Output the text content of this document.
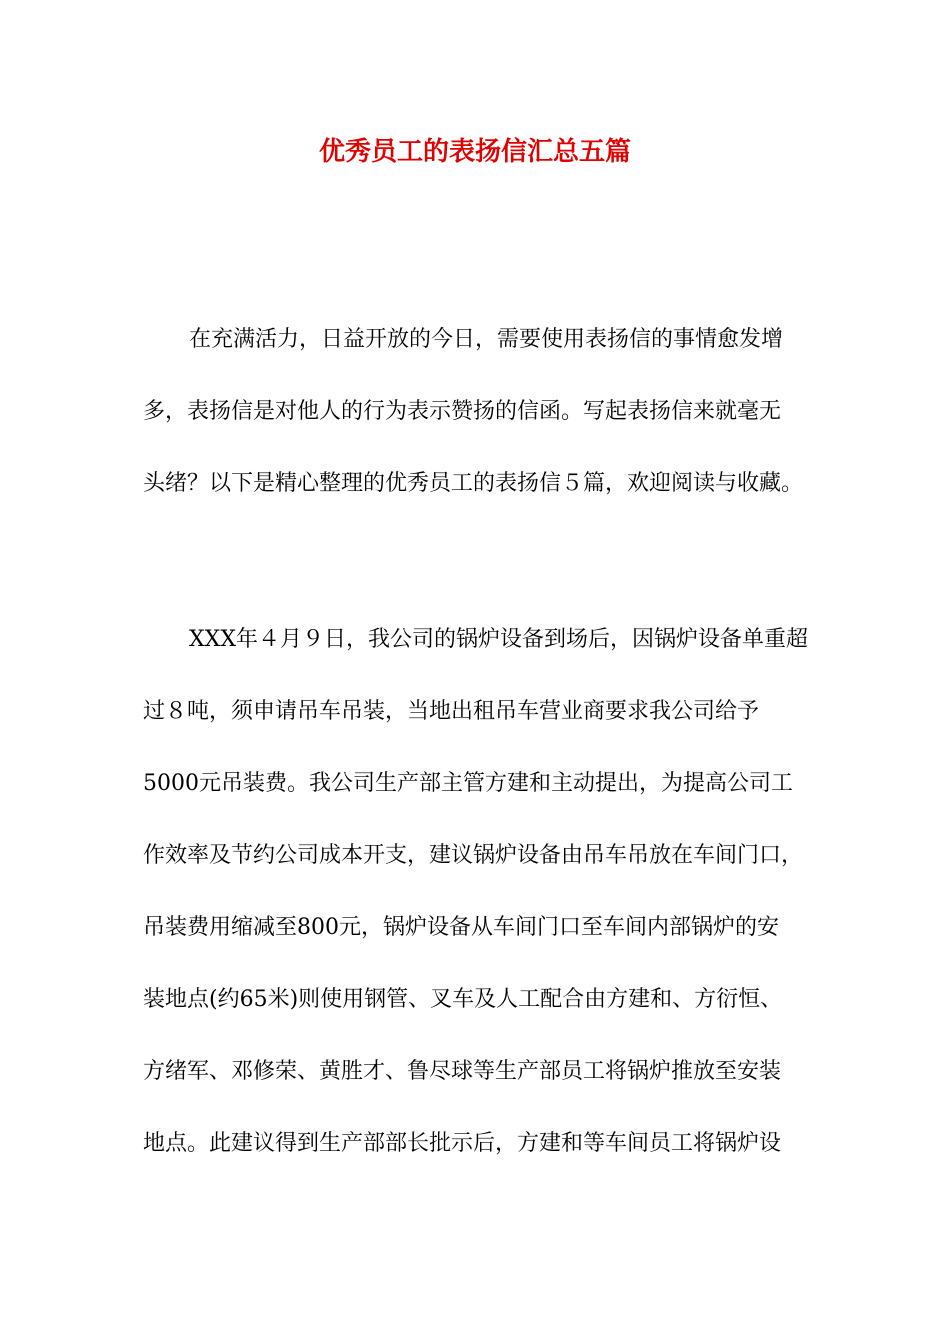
优秀员工的表扬信汇总五篇
在充满活力，日益开放的今日，需要使用表扬信的事情愈发增
多，表扬信是对他人的行为表示赞扬的信函。写起表扬信来就毫无
头绪？以下是精心整理的优秀员工的表扬信５篇，欢迎阅读与收藏。
XXX年４月９日，我公司的锅炉设备到场后，因锅炉设备单重超
过８吨，须申请吊车吊装，当地出租吊车营业商要求我公司给予
5000元吊装费。我公司生产部主管方建和主动提出，为提高公司工
作效率及节约公司成本开支，建议锅炉设备由吊车吊放在车间门口，
吊装费用缩减至800元，锅炉设备从车间门口至车间内部锅炉的安
装地点(约65米)则使用钢管、叉车及人工配合由方建和、方衍恒、
方绪军、邓修荣、黄胜才、鲁尽球等生产部员工将锅炉推放至安装
地点。此建议得到生产部部长批示后，方建和等车间员工将锅炉设
